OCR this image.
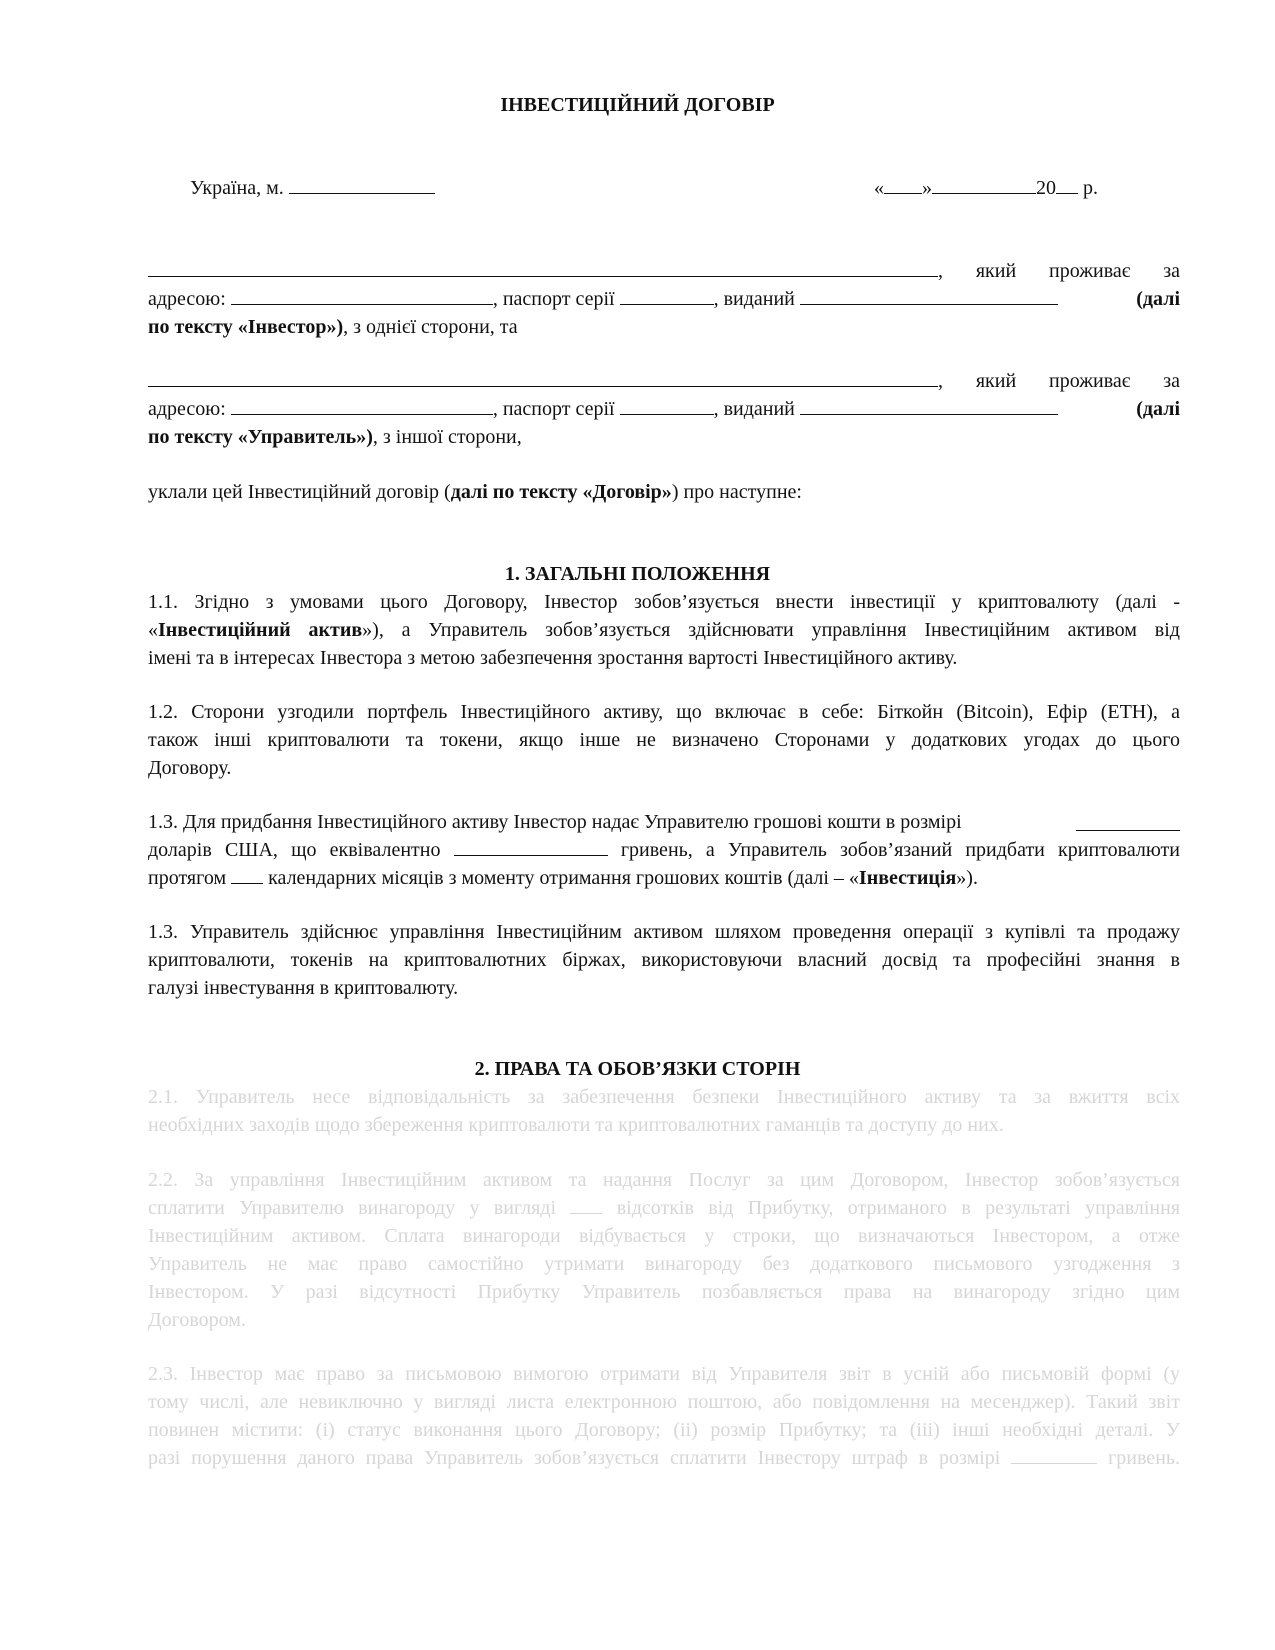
ІНВЕСТИЦІЙНИЙ ДОГОВІР
Україна, м.	« »	20 р.
, який проживає за
адресою:	, паспорт серії	, виданий	(далі
по тексту «Інвестор»), з однієї сторони, та
, який проживає за
адресою:	, паспорт серії	, виданий	(далі
по тексту «Управитель»), з іншої сторони,
уклали цей Інвестиційний договір (далі по тексту «Договір») про наступне:
1. ЗАГАЛЬНІ ПОЛОЖЕННЯ
1.1. Згідно з умовами цього Договору, Інвестор зобов’язується внести інвестиції у криптовалюту (далі -
«Інвестиційний актив»), а Управитель зобов’язується здійснювати управління Інвестиційним активом від
імені та в інтересах Інвестора з метою забезпечення зростання вартості Інвестиційного активу.
1.2. Сторони узгодили портфель Інвестиційного активу, що включає в себе: Біткойн (Bitcoin), Ефір (ETH), а
також інші криптовалюти та токени, якщо інше не визначено Сторонами у додаткових угодах до цього
Договору.
1.3. Для придбання Інвестиційного активу Інвестор надає Управителю грошові кошти в розмірі
доларів США, що еквівалентно	гривень, а Управитель зобов’язаний придбати криптовалюти
протягом календарних місяців з моменту отримання грошових коштів (далі – «Інвестиція»).
1.3. Управитель здійснює управління Інвестиційним активом шляхом проведення операції з купівлі та продажу
криптовалюти, токенів на криптовалютних біржах, використовуючи власний досвід та професійні знання в
галузі інвестування в криптовалюту.
2. ПРАВА ТА ОБОВ’ЯЗКИ СТОРІН
2.1. Управитель несе відповідальність за забезпечення безпеки Інвестиційного активу та за вжиття всіх
необхідних заходів щодо збереження криптовалюти та криптовалютних гаманців та доступу до них.
2.2. За управління Інвестиційним активом та надання Послуг за цим Договором, Інвестор зобов’язується
сплатити Управителю винагороду у вигляді	відсотків від Прибутку, отриманого в результаті управління
Інвестиційним активом. Сплата винагороди відбувається у строки, що визначаються Інвестором, а отже
Управитель не має право самостійно утримати винагороду без додаткового письмового узгодження з
Інвестором. У разі відсутності Прибутку Управитель позбавляється права на винагороду згідно цим
Договором.
2.3. Інвестор має право за письмовою вимогою отримати від Управителя звіт в усній або письмовій формі (у
тому числі, але невиключно у вигляді листа електронною поштою, або повідомлення на месенджер). Такий звіт
повинен містити: (і) статус виконання цього Договору; (іі) розмір Прибутку; та (ііі) інші необхідні деталі. У
разі порушення даного права Управитель зобов’язується сплатити Інвестору штраф в розмірі	гривень.
